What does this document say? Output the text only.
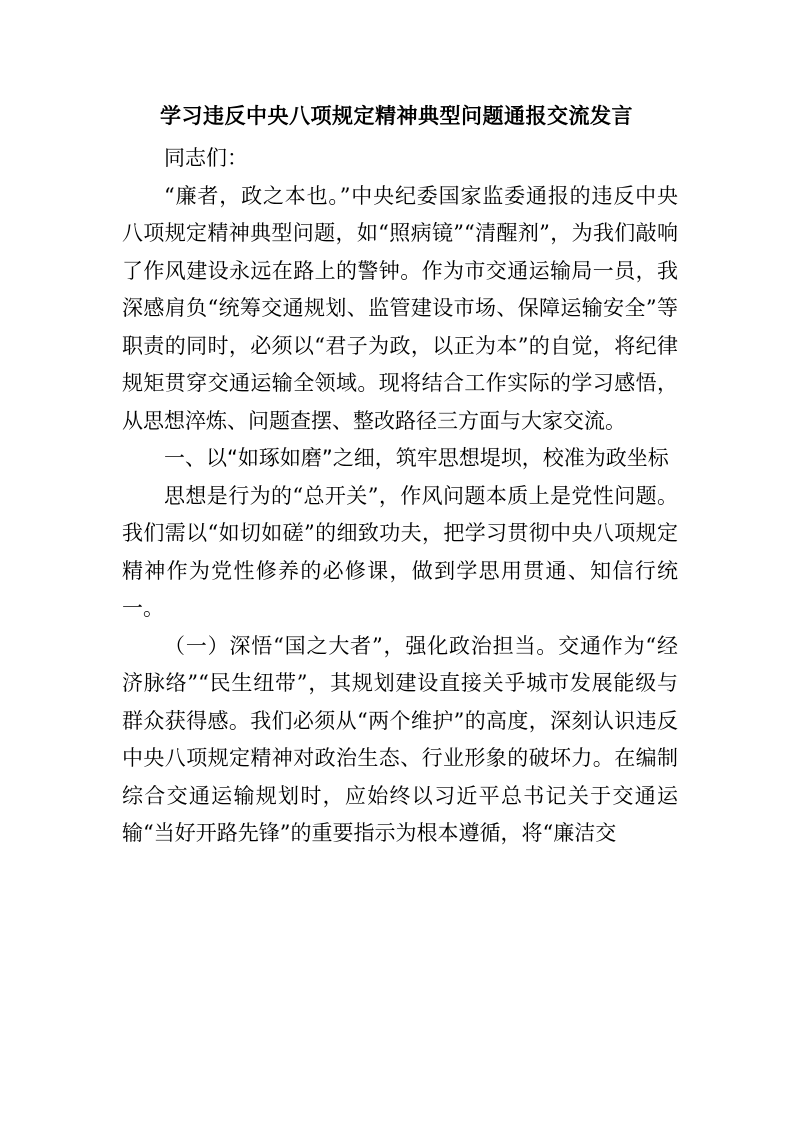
学习违反中央八项规定精神典型问题通报交流发言

同志们：

“廉者，政之本也。”中央纪委国家监委通报的违反中央八项规定精神典型问题，如“照病镜”“清醒剂”，为我们敲响了作风建设永远在路上的警钟。作为市交通运输局一员，我深感肩负“统筹交通规划、监管建设市场、保障运输安全”等职责的同时，必须以“君子为政，以正为本”的自觉，将纪律规矩贯穿交通运输全领域。现将结合工作实际的学习感悟，从思想淬炼、问题查摆、整改路径三方面与大家交流。

一、以“如琢如磨”之细，筑牢思想堤坝，校准为政坐标

思想是行为的“总开关”，作风问题本质上是党性问题。我们需以“如切如磋”的细致功夫，把学习贯彻中央八项规定精神作为党性修养的必修课，做到学思用贯通、知信行统一。

（一）深悟“国之大者”，强化政治担当。交通作为“经济脉络”“民生纽带”，其规划建设直接关乎城市发展能级与群众获得感。我们必须从“两个维护”的高度，深刻认识违反中央八项规定精神对政治生态、行业形象的破坏力。在编制综合交通运输规划时，应始终以习近平总书记关于交通运输“当好开路先锋”的重要指示为根本遵循，将“廉洁交
